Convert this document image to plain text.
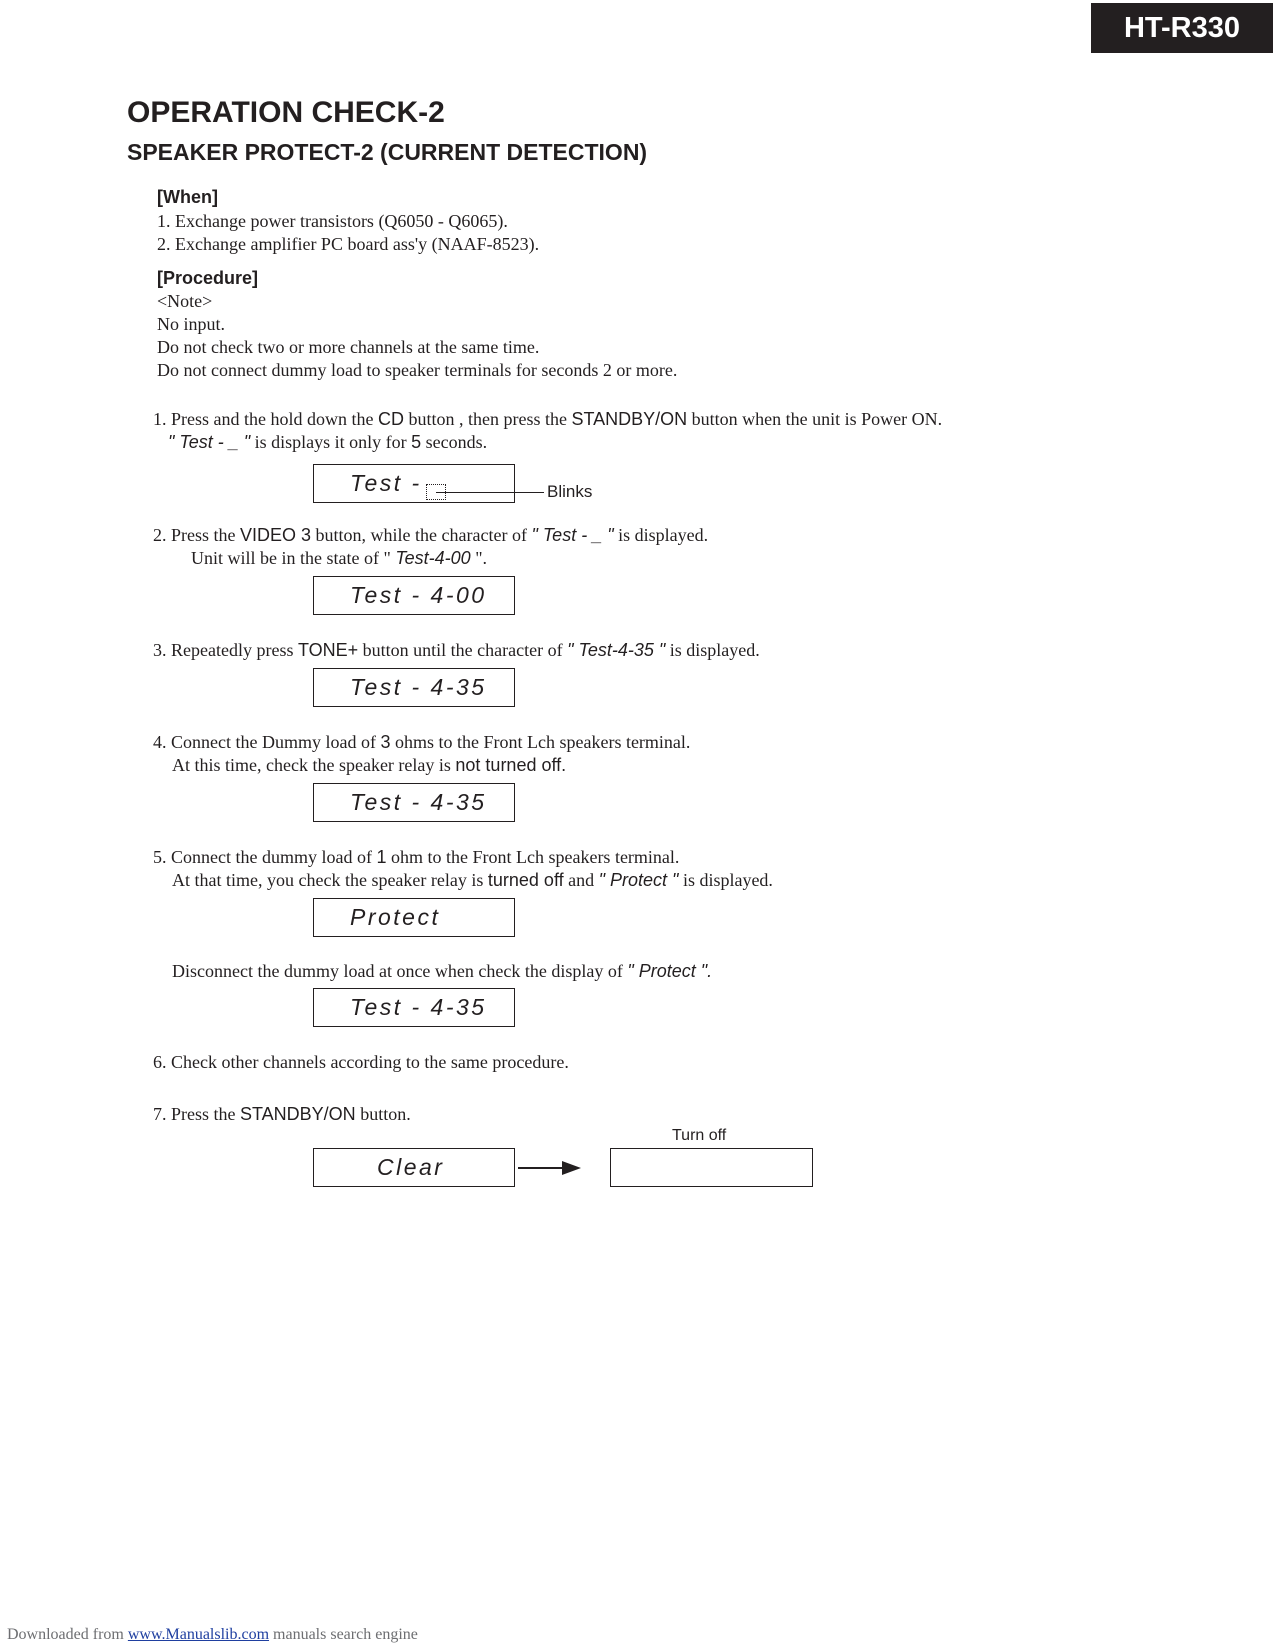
HT-R330
OPERATION CHECK-2
SPEAKER PROTECT-2 (CURRENT DETECTION)
[When]
1. Exchange power transistors (Q6050 - Q6065).
2. Exchange amplifier PC board ass'y (NAAF-8523).
[Procedure]
<Note>
No input.
Do not check two or more channels at the same time.
Do not connect dummy load to speaker terminals for seconds 2 or more.
1. Press and the hold down the CD button , then press the STANDBY/ON button when the unit is Power ON.
" Test - _ " is displays it only for 5 seconds.
Test -	Blinks
2. Press the VIDEO 3 button, while the character of " Test - _ " is displayed.
Unit will be in the state of " Test-4-00 ".
Test - 4-00
3. Repeatedly press TONE+ button until the character of " Test-4-35 " is displayed.
Test - 4-35
4. Connect the Dummy load of 3 ohms to the Front Lch speakers terminal.
At this time, check the speaker relay is not turned off.
Test - 4-35
5. Connect the dummy load of 1 ohm to the Front Lch speakers terminal.
At that time, you check the speaker relay is turned off and " Protect " is displayed.
Protect
Disconnect the dummy load at once when check the display of " Protect ".
Test - 4-35
6. Check other channels according to the same procedure.
7. Press the STANDBY/ON button.
Turn off
Clear
Downloaded from www.Manualslib.com manuals search engine
